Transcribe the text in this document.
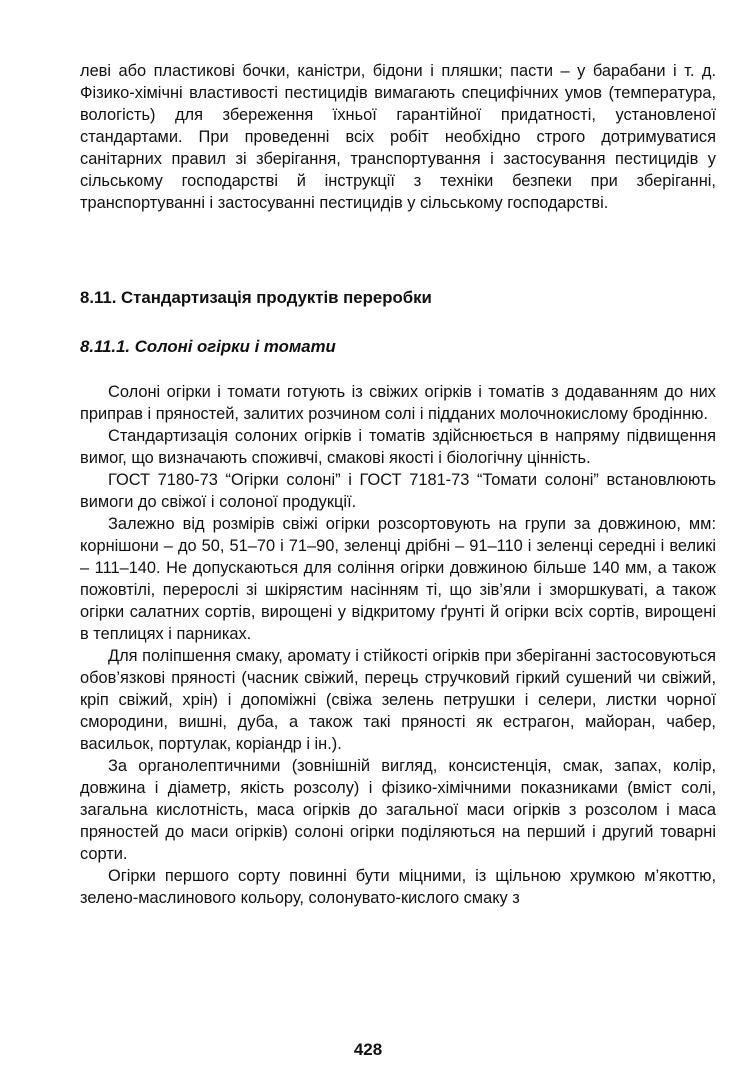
леві або пластикові бочки, каністри, бідони і пляшки; пасти – у барабани і т. д. Фізико-хімічні властивості пестицидів вимагають специфічних умов (температура, вологість) для збереження їхньої гарантійної придатності, установленої стандартами. При проведенні всіх робіт необхідно строго дотримуватися санітарних правил зі зберігання, транспортування і застосування пестицидів у сільському господарстві й інструкції з техніки безпеки при зберіганні, транспортуванні і застосуванні пестицидів у сільському господарстві.

8.11. Стандартизація продуктів переробки
8.11.1. Солоні огірки і томати

Солоні огірки і томати готують із свіжих огірків і томатів з додаванням до них приправ і пряностей, залитих розчином солі і підданих молочнокислому бродінню.

Стандартизація солоних огірків і томатів здійснюється в напряму підвищення вимог, що визначають споживчі, смакові якості і біологічну цінність.

ГОСТ 7180-73 “Огірки солоні” і ГОСТ 7181-73 “Томати солоні” встановлюють вимоги до свіжої і солоної продукції.

Залежно від розмірів свіжі огірки розсортовують на групи за довжиною, мм: корнішони – до 50, 51–70 і 71–90, зеленці дрібні – 91–110 і зеленці середні і великі – 111–140. Не допускаються для соління огірки довжиною більше 140 мм, а також пожовтілі, перерослі зі шкірястим насінням ті, що зів’яли і зморшкуваті, а також огірки салатних сортів, вирощені у відкритому ґрунті й огірки всіх сортів, вирощені в теплицях і парниках.

Для поліпшення смаку, аромату і стійкості огірків при зберіганні застосовуються обов’язкові пряності (часник свіжий, перець стручковий гіркий сушений чи свіжий, кріп свіжий, хрін) і допоміжні (свіжа зелень петрушки і селери, листки чорної смородини, вишні, дуба, а також такі пряності як естрагон, майоран, чабер, васильок, портулак, коріандр і ін.).

За органолептичними (зовнішній вигляд, консистенція, смак, запах, колір, довжина і діаметр, якість розсолу) і фізико-хімічними показниками (вміст солі, загальна кислотність, маса огірків до загальної маси огірків з розсолом і маса пряностей до маси огірків) солоні огірки поділяються на перший і другий товарні сорти.

Огірки першого сорту повинні бути міцними, із щільною хрумкою м’якоттю, зелено-маслинового кольору, солонувато-кислого смаку з

428
